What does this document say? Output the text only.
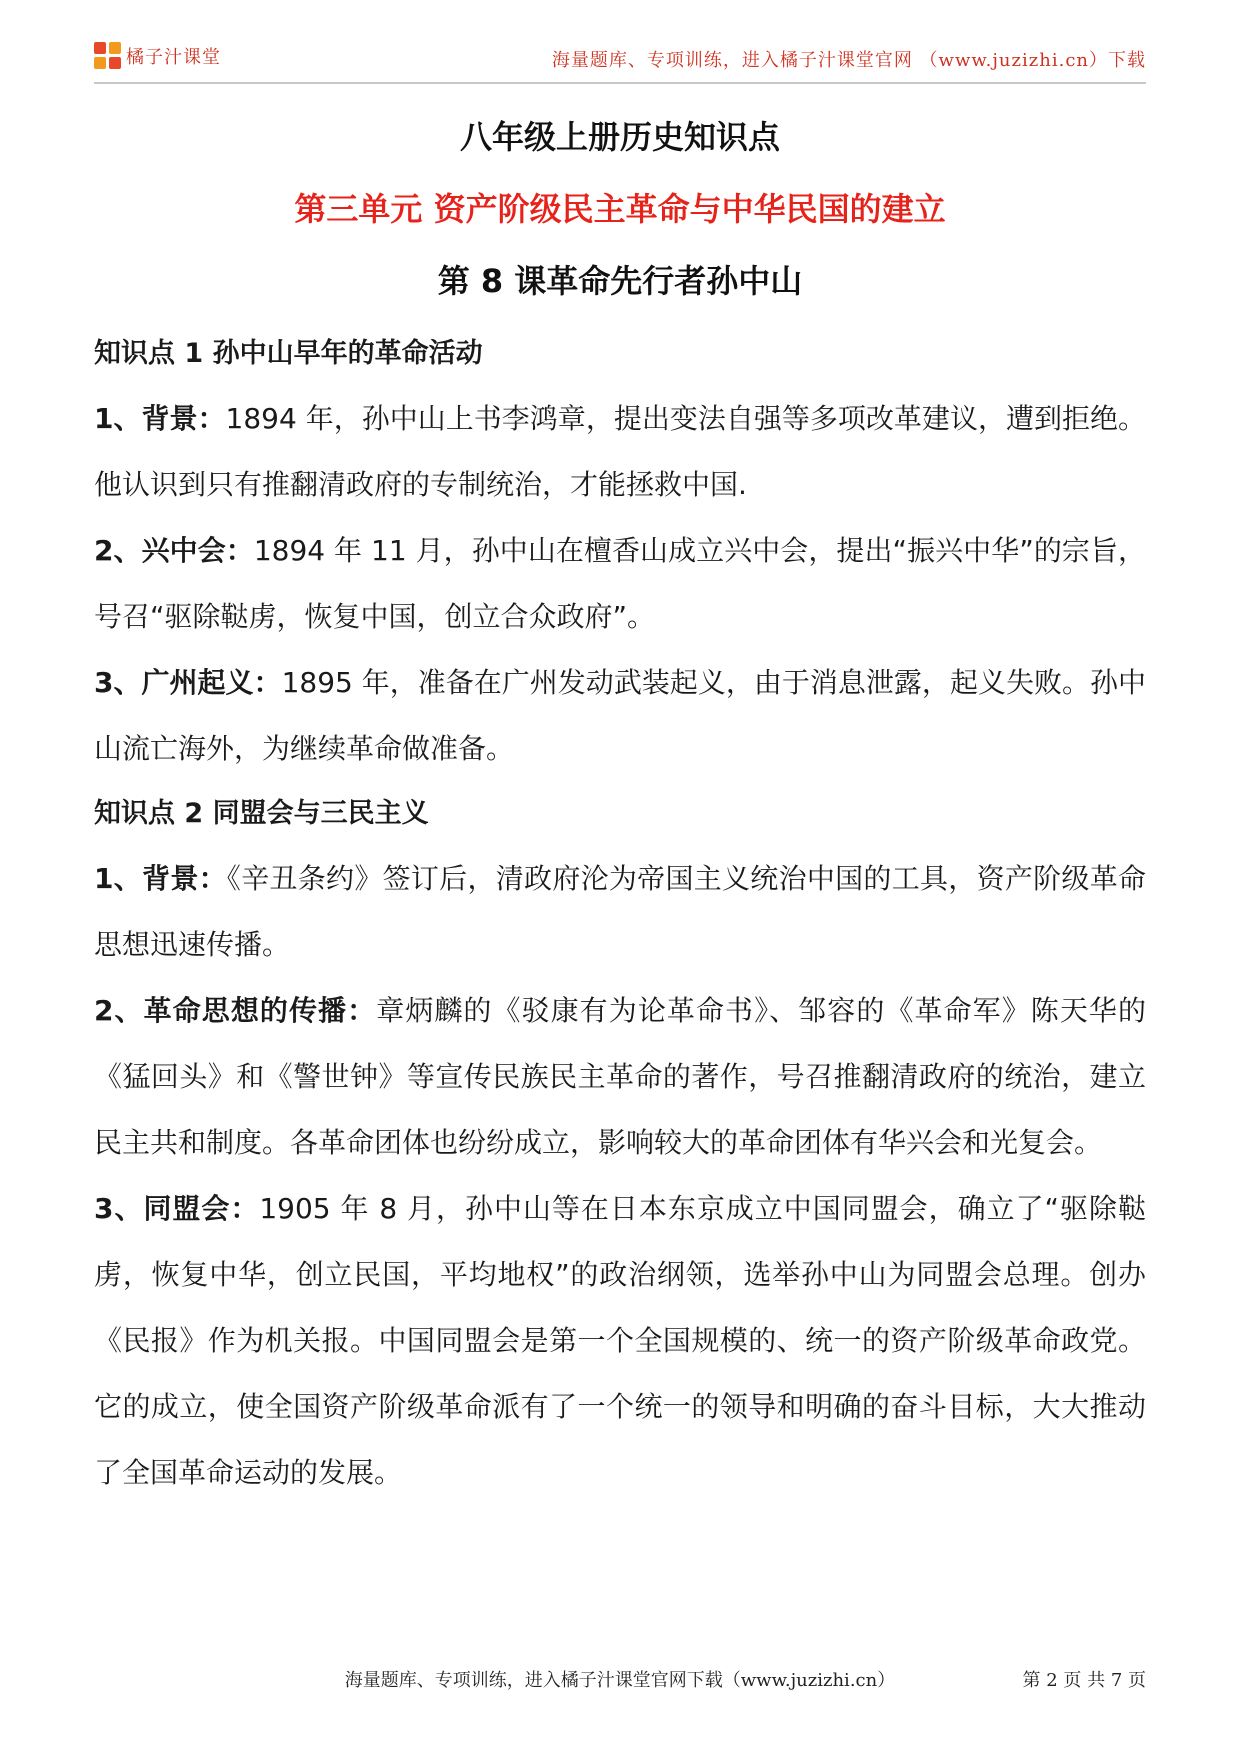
橘子汁课堂	海量题库、专项训练，进入橘子汁课堂官网 （www.juzizhi.cn）下载
八年级上册历史知识点
第三单元 资产阶级民主革命与中华民国的建立
第 8 课革命先行者孙中山

知识点 1 孙中山早年的革命活动

1、背景：1894 年，孙中山上书李鸿章，提出变法自强等多项改革建议，遭到拒绝。他认识到只有推翻清政府的专制统治，才能拯救中国.

2、兴中会：1894 年 11 月，孙中山在檀香山成立兴中会，提出“振兴中华”的宗旨，号召“驱除鞑虏，恢复中国，创立合众政府”。

3、广州起义：1895 年，准备在广州发动武装起义，由于消息泄露，起义失败。孙中山流亡海外，为继续革命做准备。

知识点 2 同盟会与三民主义

1、背景：《辛丑条约》签订后，清政府沦为帝国主义统治中国的工具，资产阶级革命思想迅速传播。

2、革命思想的传播：章炳麟的《驳康有为论革命书》、邹容的《革命军》陈天华的《猛回头》和《警世钟》等宣传民族民主革命的著作，号召推翻清政府的统治，建立民主共和制度。各革命团体也纷纷成立，影响较大的革命团体有华兴会和光复会。

3、同盟会：1905 年 8 月，孙中山等在日本东京成立中国同盟会，确立了“驱除鞑虏，恢复中华，创立民国，平均地权”的政治纲领，选举孙中山为同盟会总理。创办《民报》作为机关报。中国同盟会是第一个全国规模的、统一的资产阶级革命政党。它的成立，使全国资产阶级革命派有了一个统一的领导和明确的奋斗目标，大大推动了全国革命运动的发展。

海量题库、专项训练，进入橘子汁课堂官网下载（www.juzizhi.cn）	第 2 页 共 7 页
